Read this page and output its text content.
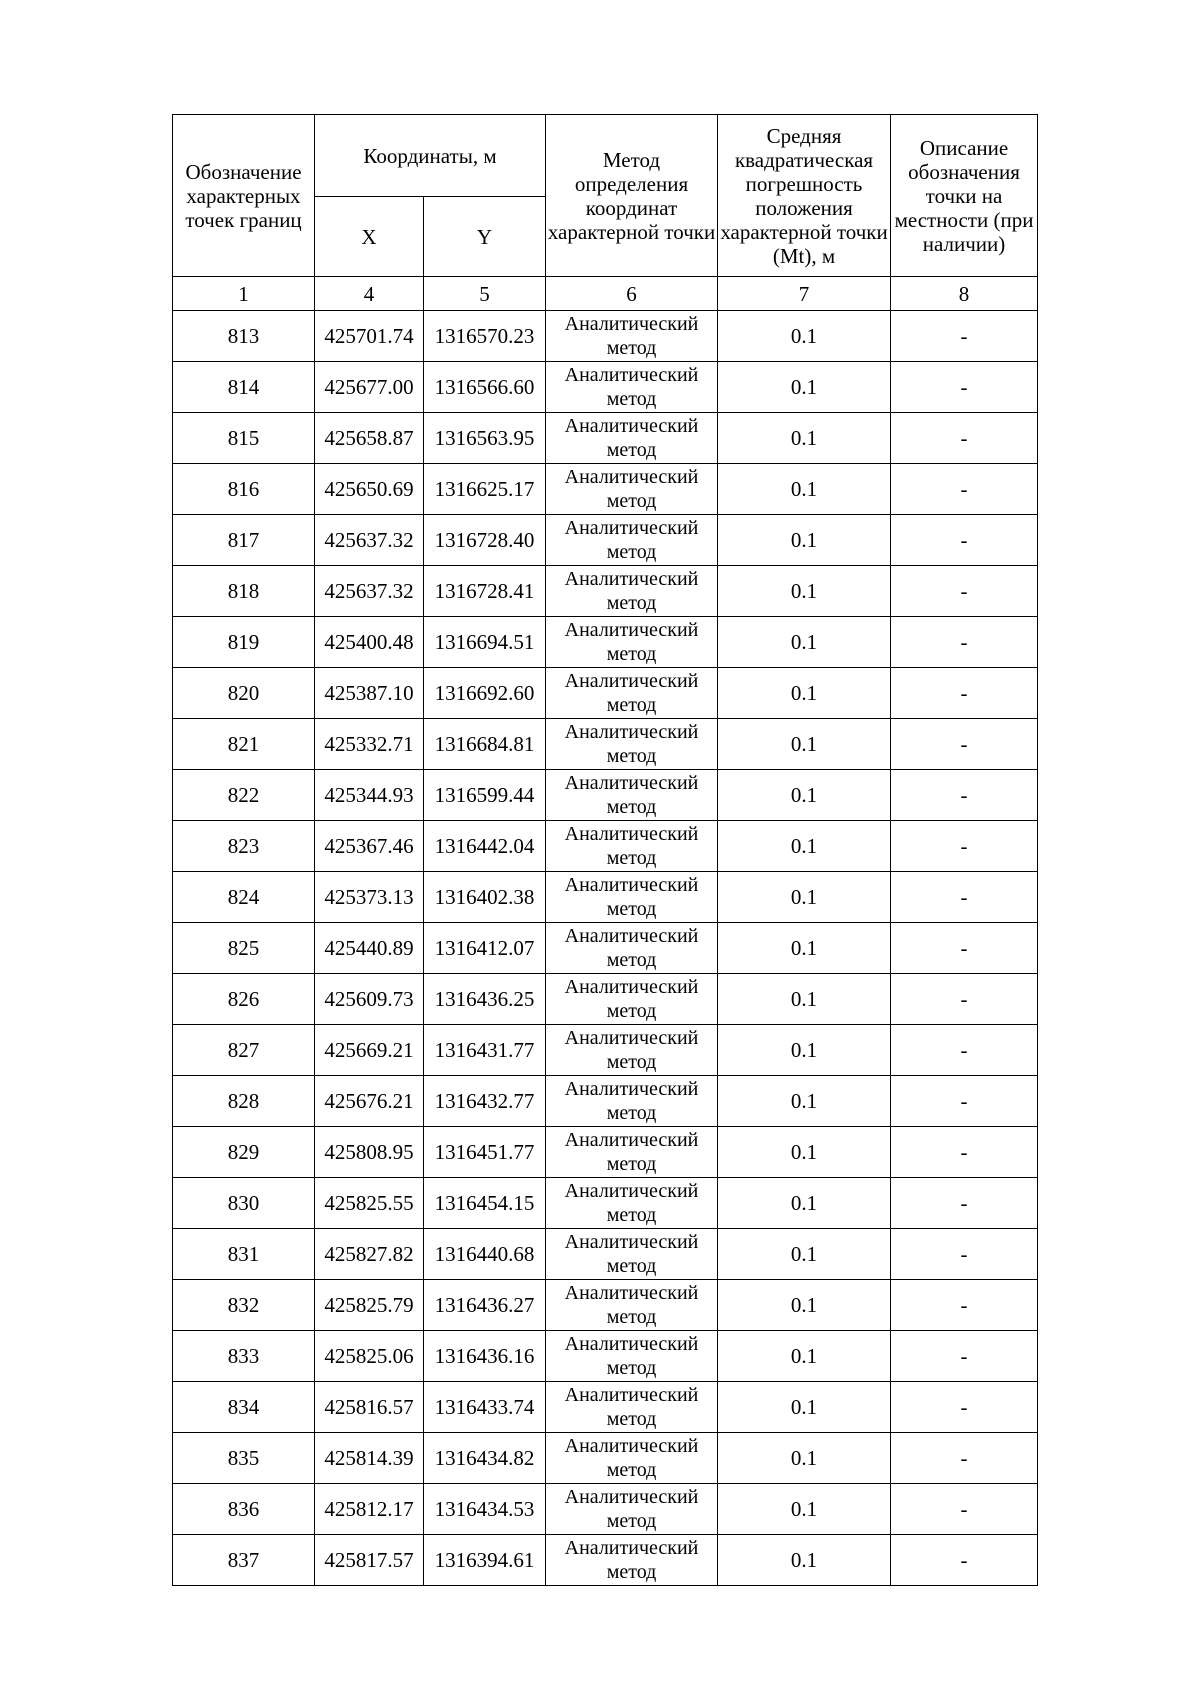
Обозначение характерных точек границ	Координаты, м		Метод определения координат характерной точки	Средняя квадратическая погрешность положения характерной точки (Mt), м	Описание обозначения точки на местности (при наличии)
	X	Y			
1	4	5	6	7	8
813	425701.74	1316570.23	Аналитический метод	0.1	-
814	425677.00	1316566.60	Аналитический метод	0.1	-
815	425658.87	1316563.95	Аналитический метод	0.1	-
816	425650.69	1316625.17	Аналитический метод	0.1	-
817	425637.32	1316728.40	Аналитический метод	0.1	-
818	425637.32	1316728.41	Аналитический метод	0.1	-
819	425400.48	1316694.51	Аналитический метод	0.1	-
820	425387.10	1316692.60	Аналитический метод	0.1	-
821	425332.71	1316684.81	Аналитический метод	0.1	-
822	425344.93	1316599.44	Аналитический метод	0.1	-
823	425367.46	1316442.04	Аналитический метод	0.1	-
824	425373.13	1316402.38	Аналитический метод	0.1	-
825	425440.89	1316412.07	Аналитический метод	0.1	-
826	425609.73	1316436.25	Аналитический метод	0.1	-
827	425669.21	1316431.77	Аналитический метод	0.1	-
828	425676.21	1316432.77	Аналитический метод	0.1	-
829	425808.95	1316451.77	Аналитический метод	0.1	-
830	425825.55	1316454.15	Аналитический метод	0.1	-
831	425827.82	1316440.68	Аналитический метод	0.1	-
832	425825.79	1316436.27	Аналитический метод	0.1	-
833	425825.06	1316436.16	Аналитический метод	0.1	-
834	425816.57	1316433.74	Аналитический метод	0.1	-
835	425814.39	1316434.82	Аналитический метод	0.1	-
836	425812.17	1316434.53	Аналитический метод	0.1	-
837	425817.57	1316394.61	Аналитический метод	0.1	-
